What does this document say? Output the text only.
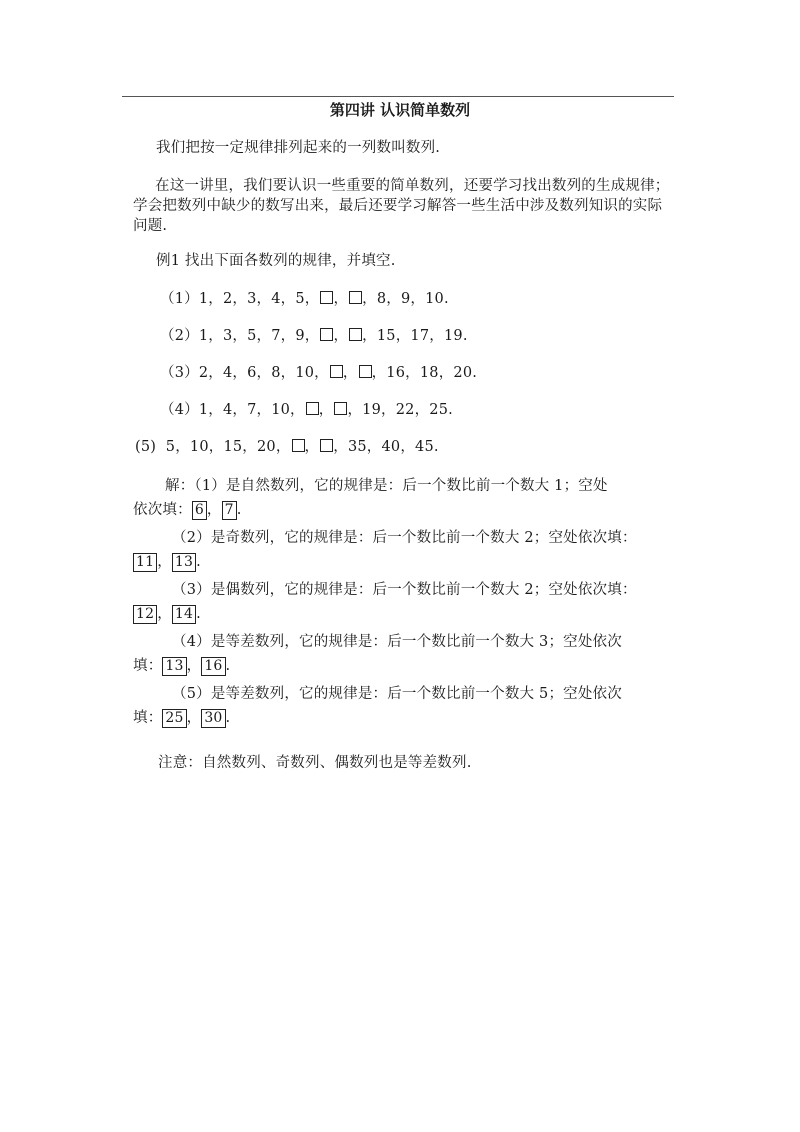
第四讲 认识简单数列
我们把按一定规律排列起来的一列数叫数列.
在这一讲里，我们要认识一些重要的简单数列，还要学习找出数列的生成规律；学会把数列中缺少的数写出来，最后还要学习解答一些生活中涉及数列知识的实际问题.
例1 找出下面各数列的规律，并填空.
（1）1，2，3，4，5， ， ，8，9，10.
（2）1，3，5，7，9， ， ，15，17，19.
（3）2，4，6，8，10， ， ，16，18，20.
（4）1，4，7，10， ， ，19，22，25.
(5) 5，10，15，20， ， ，35，40，45.
解：（1）是自然数列，它的规律是：后一个数比前一个数大 1；空处
依次填： 6 ， 7 .
（2）是奇数列，它的规律是：后一个数比前一个数大 2；空处依次填：
11 ， 13 .
（3）是偶数列，它的规律是：后一个数比前一个数大 2；空处依次填：
12 ， 14 .
（4）是等差数列，它的规律是：后一个数比前一个数大 3；空处依次
填： 13 ， 16 .
（5）是等差数列，它的规律是：后一个数比前一个数大 5；空处依次
填： 25 ， 30 .
注意：自然数列、奇数列、偶数列也是等差数列.
